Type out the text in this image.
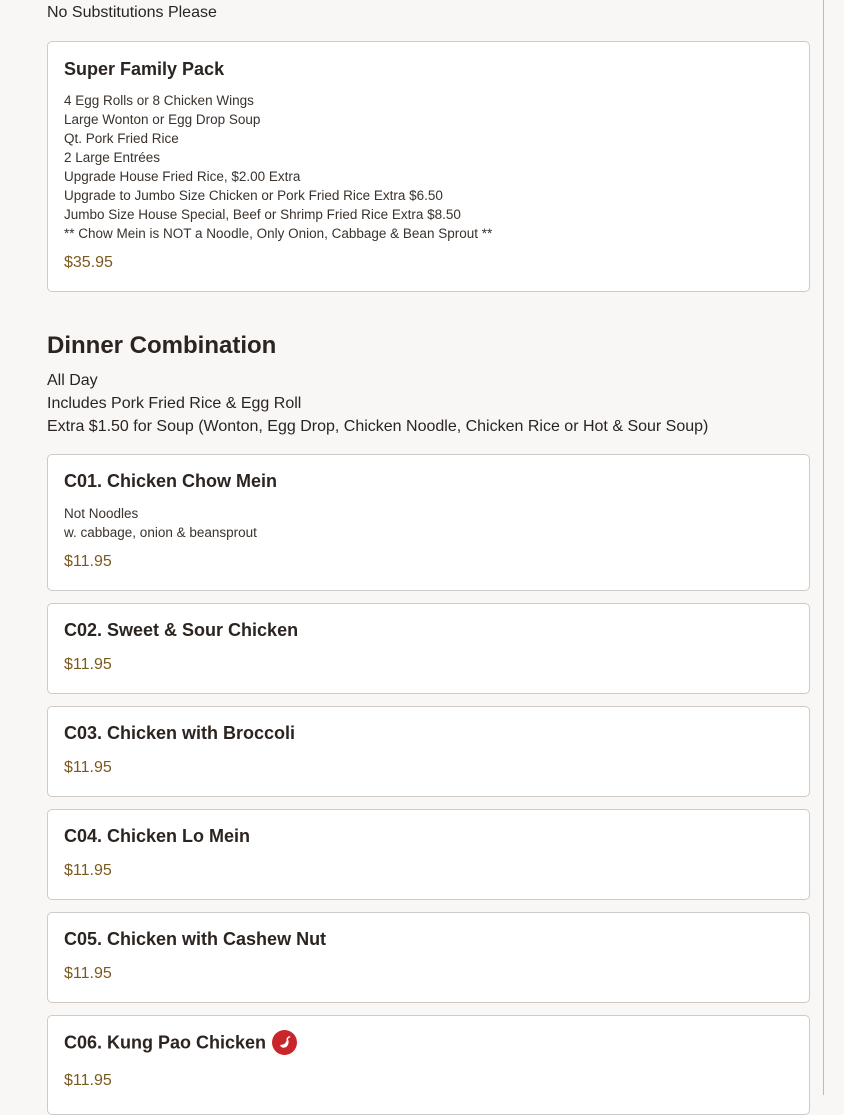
No Substitutions Please
Super Family Pack
4 Egg Rolls or 8 Chicken Wings
Large Wonton or Egg Drop Soup
Qt. Pork Fried Rice
2 Large Entrées
Upgrade House Fried Rice, $2.00 Extra
Upgrade to Jumbo Size Chicken or Pork Fried Rice Extra $6.50
Jumbo Size House Special, Beef or Shrimp Fried Rice Extra $8.50
** Chow Mein is NOT a Noodle, Only Onion, Cabbage & Bean Sprout **
$35.95
Dinner Combination
All Day
Includes Pork Fried Rice & Egg Roll
Extra $1.50 for Soup (Wonton, Egg Drop, Chicken Noodle, Chicken Rice or Hot & Sour Soup)
C01. Chicken Chow Mein
Not Noodles
w. cabbage, onion & beansprout
$11.95
C02. Sweet & Sour Chicken
$11.95
C03. Chicken with Broccoli
$11.95
C04. Chicken Lo Mein
$11.95
C05. Chicken with Cashew Nut
$11.95
C06. Kung Pao Chicken
$11.95
